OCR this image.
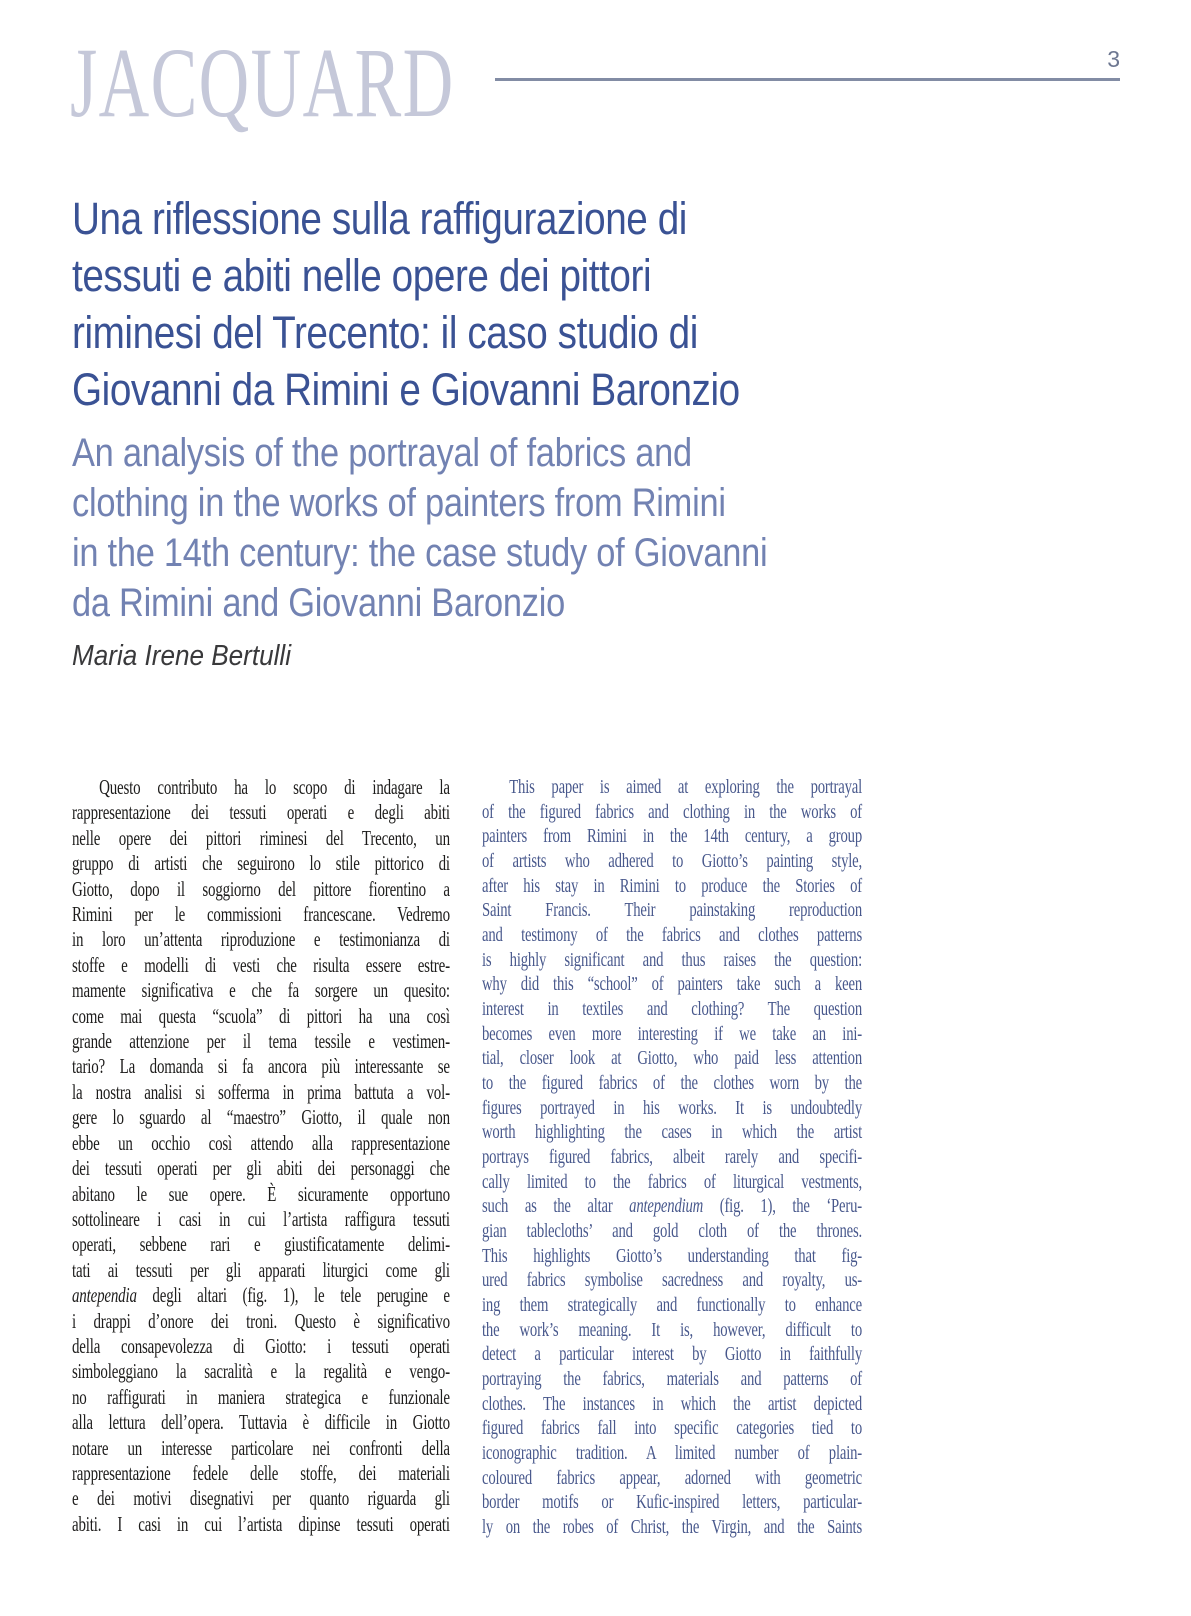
JACQUARD	3
Una riflessione sulla raffigurazione di
tessuti e abiti nelle opere dei pittori
riminesi del Trecento: il caso studio di
Giovanni da Rimini e Giovanni Baronzio
An analysis of the portrayal of fabrics and
clothing in the works of painters from Rimini
in the 14th century: the case study of Giovanni
da Rimini and Giovanni Baronzio
Maria Irene Bertulli
Questo contributo ha lo scopo di indagare la
rappresentazione dei tessuti operati e degli abiti
nelle opere dei pittori riminesi del Trecento, un
gruppo di artisti che seguirono lo stile pittorico di
Giotto, dopo il soggiorno del pittore fiorentino a
Rimini per le commissioni francescane. Vedremo
in loro un’attenta riproduzione e testimonianza di
stoffe e modelli di vesti che risulta essere estre-
mamente significativa e che fa sorgere un quesito:
come mai questa “scuola” di pittori ha una così
grande attenzione per il tema tessile e vestimen-
tario? La domanda si fa ancora più interessante se
la nostra analisi si sofferma in prima battuta a vol-
gere lo sguardo al “maestro” Giotto, il quale non
ebbe un occhio così attendo alla rappresentazione
dei tessuti operati per gli abiti dei personaggi che
abitano le sue opere. È sicuramente opportuno
sottolineare i casi in cui l’artista raffigura tessuti
operati, sebbene rari e giustificatamente delimi-
tati ai tessuti per gli apparati liturgici come gli
antependia degli altari (fig. 1), le tele perugine e
i drappi d’onore dei troni. Questo è significativo
della consapevolezza di Giotto: i tessuti operati
simboleggiano la sacralità e la regalità e vengo-
no raffigurati in maniera strategica e funzionale
alla lettura dell’opera. Tuttavia è difficile in Giotto
notare un interesse particolare nei confronti della
rappresentazione fedele delle stoffe, dei materiali
e dei motivi disegnativi per quanto riguarda gli
abiti. I casi in cui l’artista dipinse tessuti operati
This paper is aimed at exploring the portrayal
of the figured fabrics and clothing in the works of
painters from Rimini in the 14th century, a group
of artists who adhered to Giotto’s painting style,
after his stay in Rimini to produce the Stories of
Saint Francis. Their painstaking reproduction
and testimony of the fabrics and clothes patterns
is highly significant and thus raises the question:
why did this “school” of painters take such a keen
interest in textiles and clothing? The question
becomes even more interesting if we take an ini-
tial, closer look at Giotto, who paid less attention
to the figured fabrics of the clothes worn by the
figures portrayed in his works. It is undoubtedly
worth highlighting the cases in which the artist
portrays figured fabrics, albeit rarely and specifi-
cally limited to the fabrics of liturgical vestments,
such as the altar antependium (fig. 1), the ‘Peru-
gian tablecloths’ and gold cloth of the thrones.
This highlights Giotto’s understanding that fig-
ured fabrics symbolise sacredness and royalty, us-
ing them strategically and functionally to enhance
the work’s meaning. It is, however, difficult to
detect a particular interest by Giotto in faithfully
portraying the fabrics, materials and patterns of
clothes. The instances in which the artist depicted
figured fabrics fall into specific categories tied to
iconographic tradition. A limited number of plain-
coloured fabrics appear, adorned with geometric
border motifs or Kufic-inspired letters, particular-
ly on the robes of Christ, the Virgin, and the Saints
